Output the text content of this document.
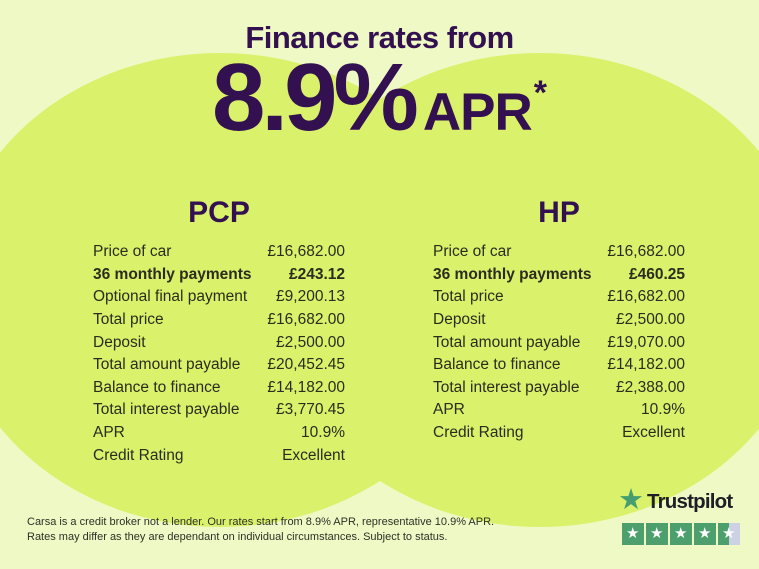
Finance rates from
8.9% APR *
PCP
Price of car	£16,682.00
36 monthly payments £243.12
Optional final payment £9,200.13
Total price	£16,682.00
Deposit	£2,500.00
Total amount payable £20,452.45
Balance to finance	£14,182.00
Total interest payable £3,770.45
APR	10.9%
Credit Rating	Excellent
HP
Price of car	£16,682.00
36 monthly payments £460.25
Total price	£16,682.00
Deposit	£2,500.00
Total amount payable £19,070.00
Balance to finance	£14,182.00
Total interest payable £2,388.00
APR	10.9%
Credit Rating	Excellent
Carsa is a credit broker not a lender. Our rates start from 8.9% APR, representative 10.9% APR.
Rates may differ as they are dependant on individual circumstances. Subject to status.
★ Trustpilot
★ ★ ★ ★ ★
